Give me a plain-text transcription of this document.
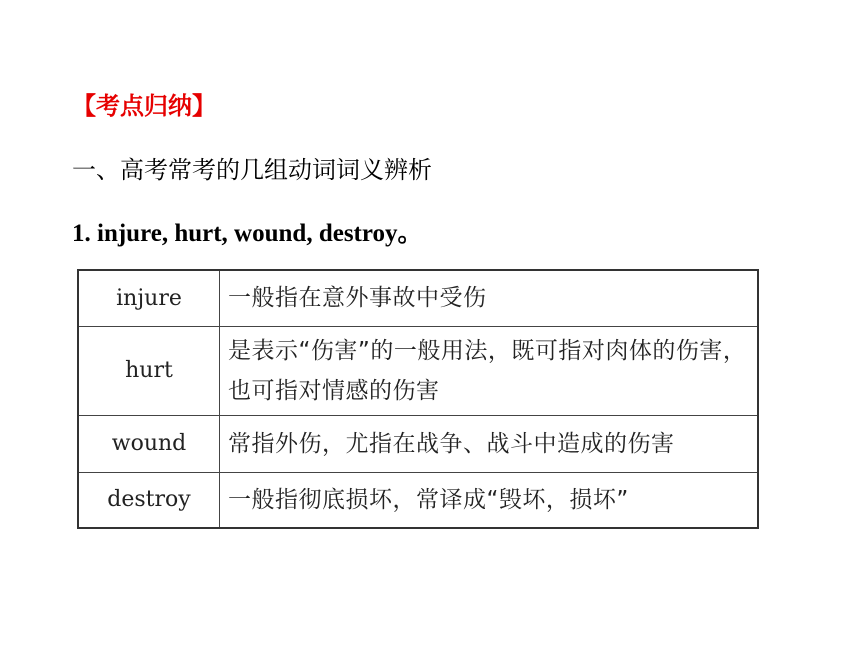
【考点归纳】
一、高考常考的几组动词词义辨析
1. injure, hurt, wound, destroy。
injure	一般指在意外事故中受伤
hurt	是表示“伤害”的一般用法，既可指对肉体的伤害，也可指对情感的伤害
wound	常指外伤，尤指在战争、战斗中造成的伤害
destroy	一般指彻底损坏，常译成“毁坏，损坏”
